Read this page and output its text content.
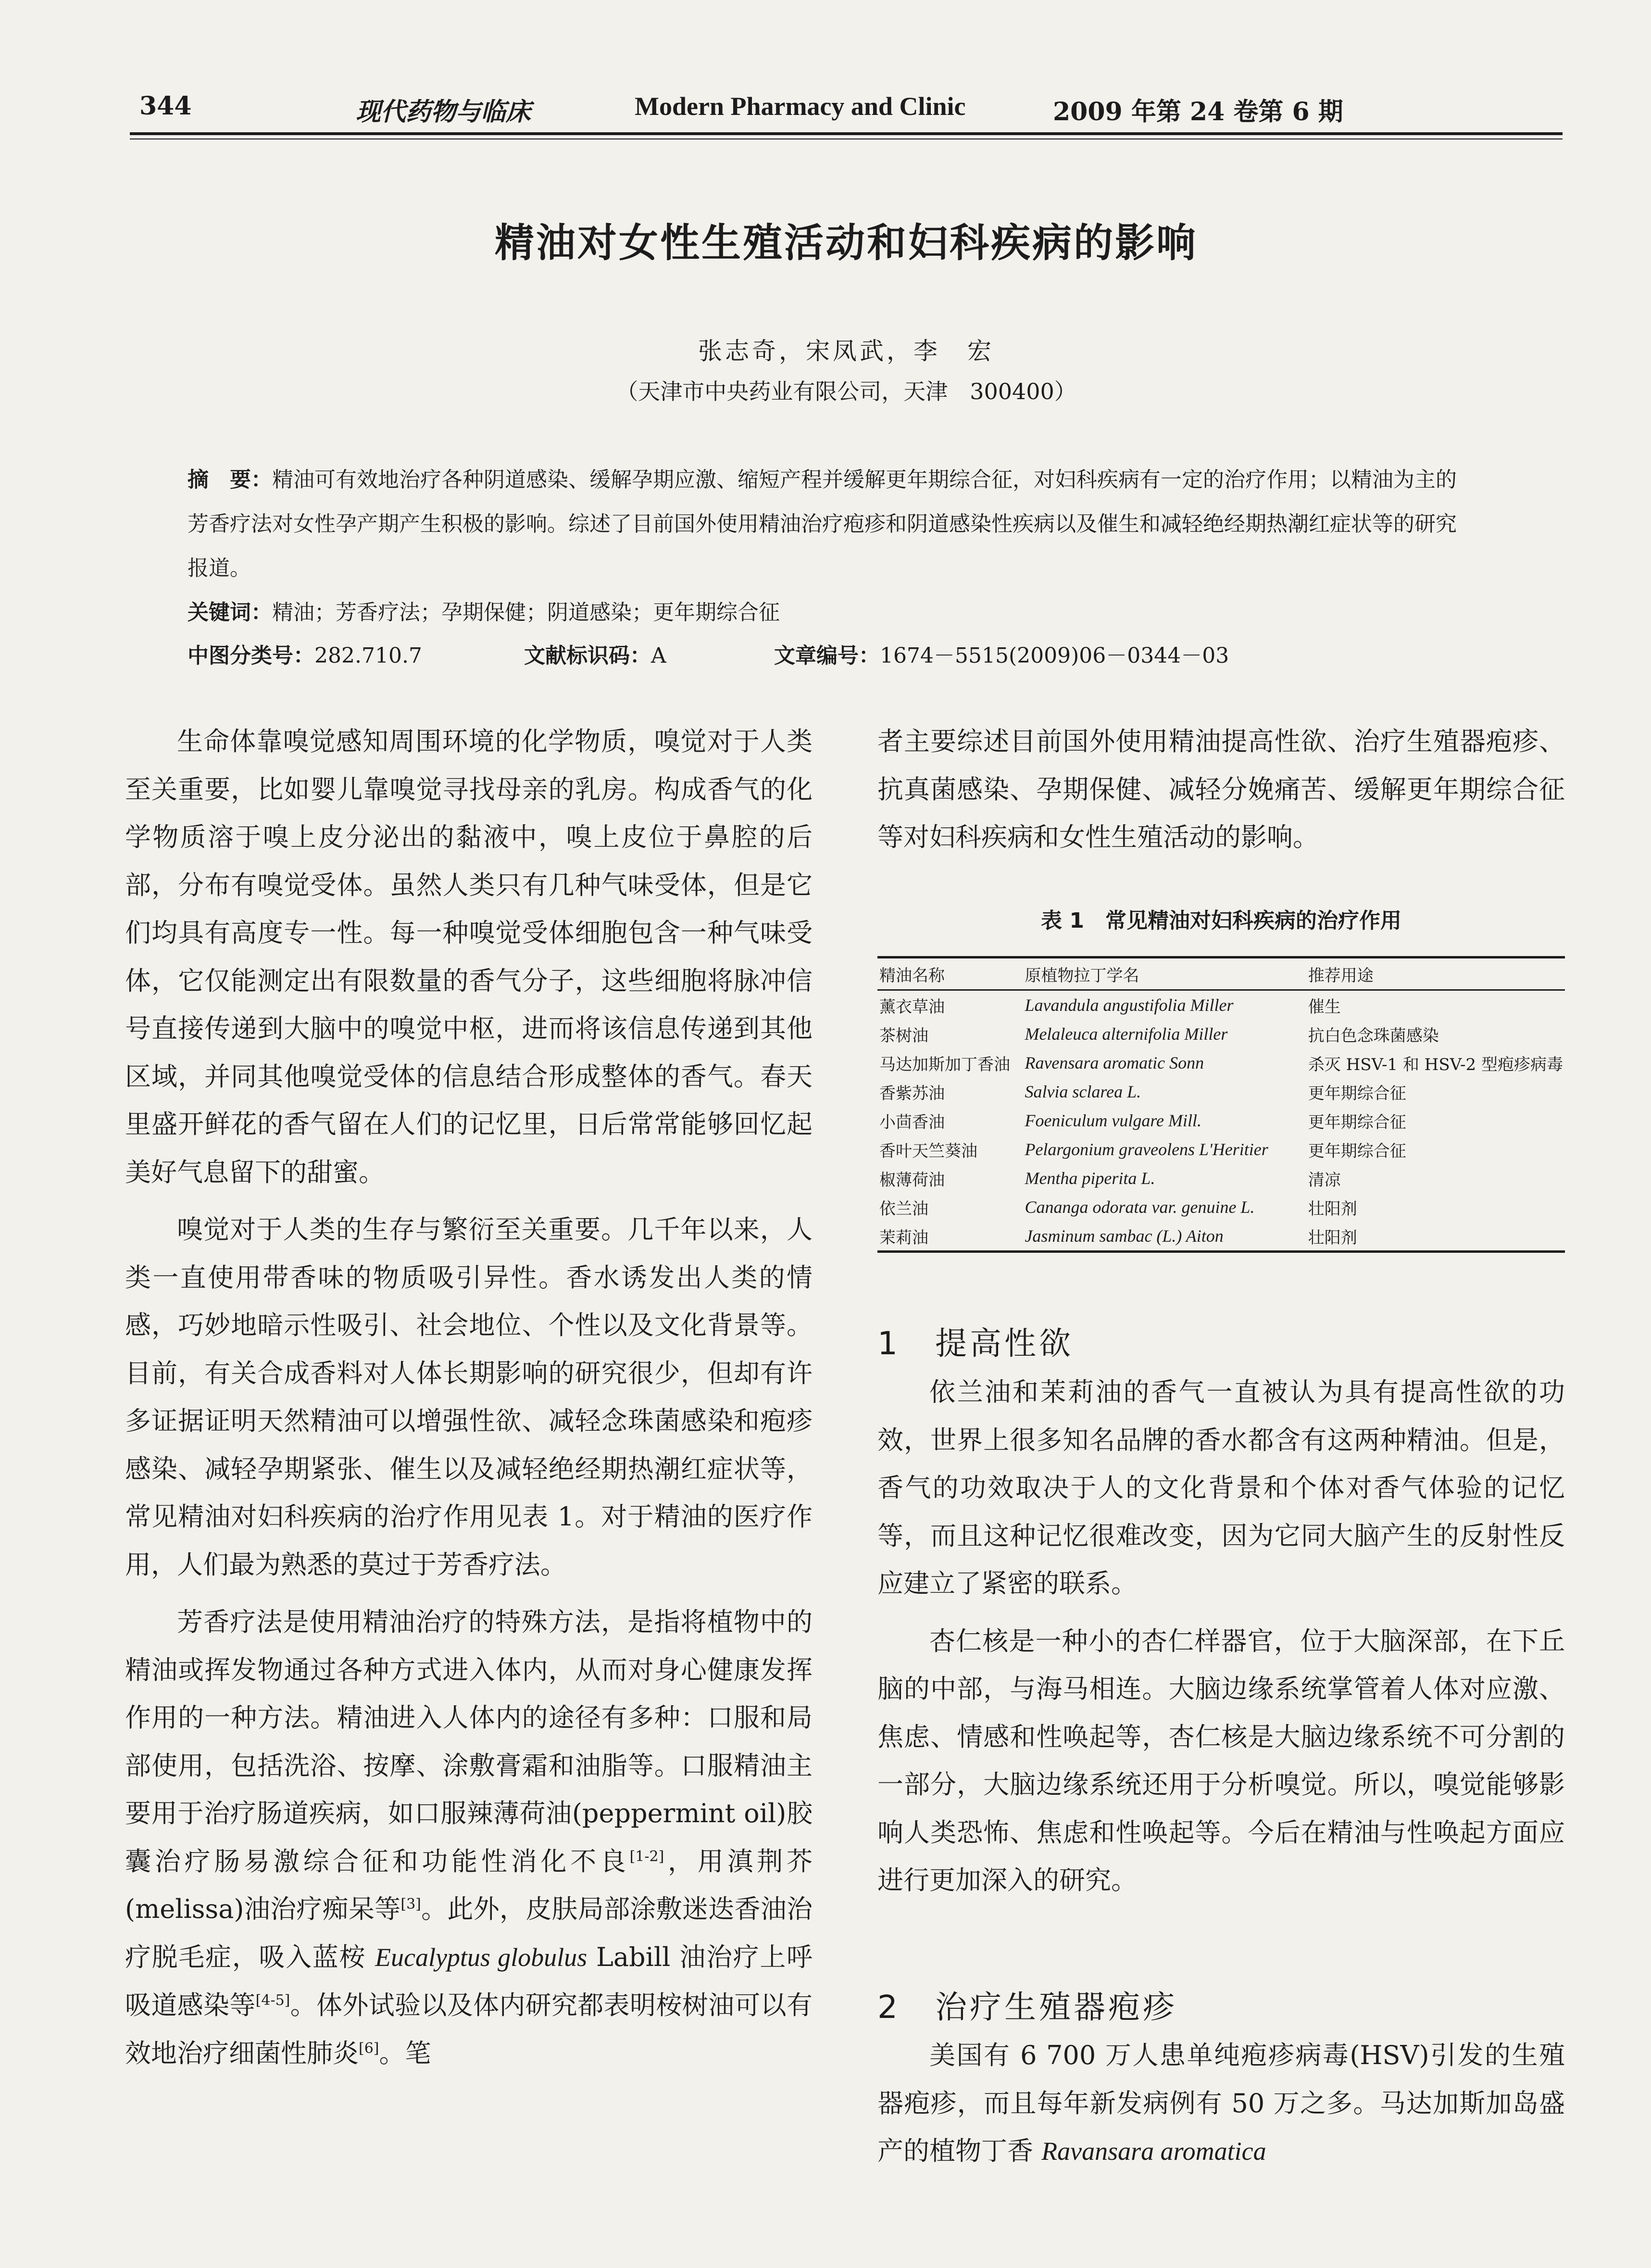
344	现代药物与临床	Modern Pharmacy and Clinic	2009 年第 24 卷第 6 期
精油对女性生殖活动和妇科疾病的影响
张志奇，宋凤武，李　宏
（天津市中央药业有限公司，天津　300400）
摘　要：精油可有效地治疗各种阴道感染、缓解孕期应激、缩短产程并缓解更年期综合征，对妇科疾病有一定的治疗作用；以精油为主的芳香疗法对女性孕产期产生积极的影响。综述了目前国外使用精油治疗疱疹和阴道感染性疾病以及催生和减轻绝经期热潮红症状等的研究报道。
关键词：精油；芳香疗法；孕期保健；阴道感染；更年期综合征
中图分类号：282.710.7	文献标识码：A	文章编号：1674－5515(2009)06－0344－03

生命体靠嗅觉感知周围环境的化学物质，嗅觉对于人类至关重要，比如婴儿靠嗅觉寻找母亲的乳房。构成香气的化学物质溶于嗅上皮分泌出的黏液中，嗅上皮位于鼻腔的后部，分布有嗅觉受体。虽然人类只有几种气味受体，但是它们均具有高度专一性。每一种嗅觉受体细胞包含一种气味受体，它仅能测定出有限数量的香气分子，这些细胞将脉冲信号直接传递到大脑中的嗅觉中枢，进而将该信息传递到其他区域，并同其他嗅觉受体的信息结合形成整体的香气。春天里盛开鲜花的香气留在人们的记忆里，日后常常能够回忆起美好气息留下的甜蜜。

嗅觉对于人类的生存与繁衍至关重要。几千年以来，人类一直使用带香味的物质吸引异性。香水诱发出人类的情感，巧妙地暗示性吸引、社会地位、个性以及文化背景等。目前，有关合成香料对人体长期影响的研究很少，但却有许多证据证明天然精油可以增强性欲、减轻念珠菌感染和疱疹感染、减轻孕期紧张、催生以及减轻绝经期热潮红症状等，常见精油对妇科疾病的治疗作用见表 1。对于精油的医疗作用，人们最为熟悉的莫过于芳香疗法。

芳香疗法是使用精油治疗的特殊方法，是指将植物中的精油或挥发物通过各种方式进入体内，从而对身心健康发挥作用的一种方法。精油进入人体内的途径有多种：口服和局部使用，包括洗浴、按摩、涂敷膏霜和油脂等。口服精油主要用于治疗肠道疾病，如口服辣薄荷油(peppermint oil)胶囊治疗肠易激综合征和功能性消化不良[1-2]，用滇荆芥(melissa)油治疗痴呆等[3]。此外，皮肤局部涂敷迷迭香油治疗脱毛症，吸入蓝桉 Eucalyptus globulus Labill 油治疗上呼吸道感染等[4-5]。体外试验以及体内研究都表明桉树油可以有效地治疗细菌性肺炎[6]。笔

者主要综述目前国外使用精油提高性欲、治疗生殖器疱疹、抗真菌感染、孕期保健、减轻分娩痛苦、缓解更年期综合征等对妇科疾病和女性生殖活动的影响。

表 1　常见精油对妇科疾病的治疗作用
精油名称	原植物拉丁学名	推荐用途
薰衣草油	Lavandula angustifolia Miller	催生
茶树油	Melaleuca alternifolia Miller	抗白色念珠菌感染
马达加斯加丁香油	Ravensara aromatic Sonn	杀灭 HSV-1 和 HSV-2 型疱疹病毒
香紫苏油	Salvia sclarea L.	更年期综合征
小茴香油	Foeniculum vulgare Mill.	更年期综合征
香叶天竺葵油	Pelargonium graveolens L'Heritier	更年期综合征
椒薄荷油	Mentha piperita L.	清凉
依兰油	Cananga odorata var. genuine L.	壮阳剂
茉莉油	Jasminum sambac (L.) Aiton	壮阳剂
1　提高性欲

依兰油和茉莉油的香气一直被认为具有提高性欲的功效，世界上很多知名品牌的香水都含有这两种精油。但是，香气的功效取决于人的文化背景和个体对香气体验的记忆等，而且这种记忆很难改变，因为它同大脑产生的反射性反应建立了紧密的联系。

杏仁核是一种小的杏仁样器官，位于大脑深部，在下丘脑的中部，与海马相连。大脑边缘系统掌管着人体对应激、焦虑、情感和性唤起等，杏仁核是大脑边缘系统不可分割的一部分，大脑边缘系统还用于分析嗅觉。所以，嗅觉能够影响人类恐怖、焦虑和性唤起等。今后在精油与性唤起方面应进行更加深入的研究。

2　治疗生殖器疱疹

美国有 6 700 万人患单纯疱疹病毒(HSV)引发的生殖器疱疹，而且每年新发病例有 50 万之多。马达加斯加岛盛产的植物丁香 Ravansara aromatica
